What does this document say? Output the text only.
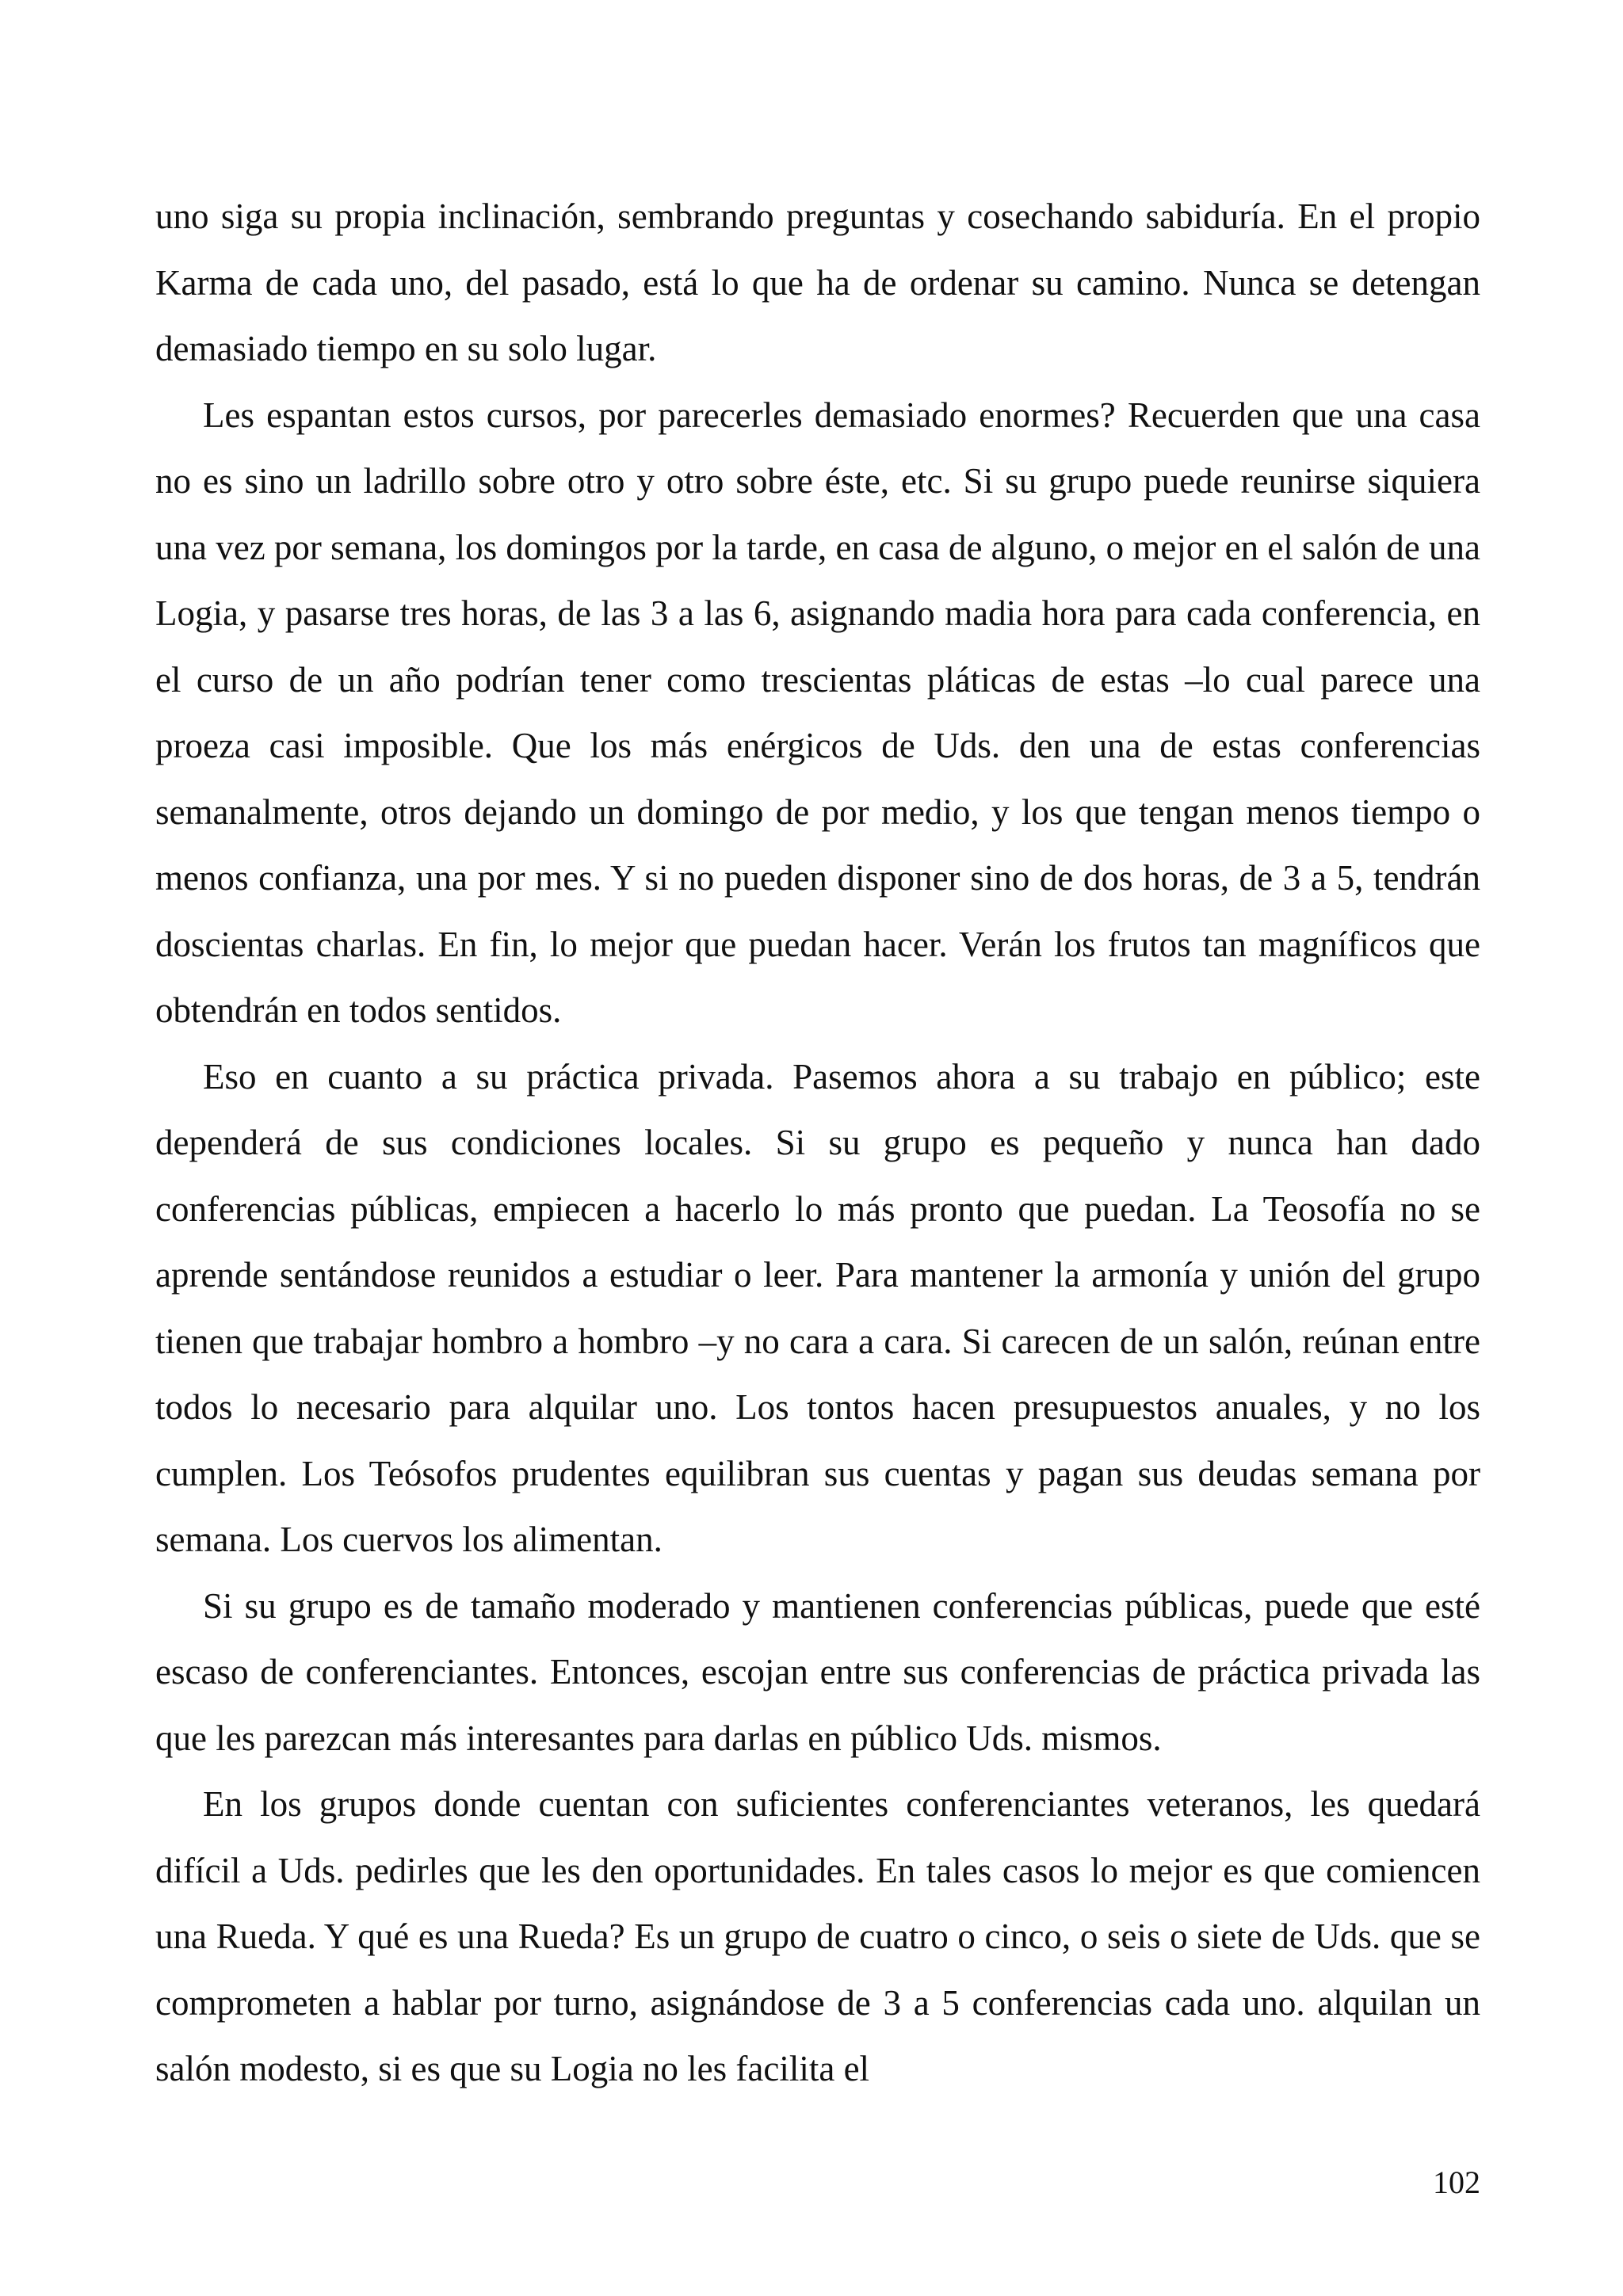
uno siga su propia inclinación, sembrando preguntas y cosechando sabiduría. En el propio Karma de cada uno, del pasado, está lo que ha de ordenar su camino. Nunca se detengan demasiado tiempo en su solo lugar.

Les espantan estos cursos, por parecerles demasiado enormes? Recuerden que una casa no es sino un ladrillo sobre otro y otro sobre éste, etc. Si su grupo puede reunirse siquiera una vez por semana, los domingos por la tarde, en casa de alguno, o mejor en el salón de una Logia, y pasarse tres horas, de las 3 a las 6, asignando madia hora para cada conferencia, en el curso de un año podrían tener como trescientas pláticas de estas –lo cual parece una proeza casi imposible. Que los más enérgicos de Uds. den una de estas conferencias semanalmente, otros dejando un domingo de por medio, y los que tengan menos tiempo o menos confianza, una por mes. Y si no pueden disponer sino de dos horas, de 3 a 5, tendrán doscientas charlas. En fin, lo mejor que puedan hacer. Verán los frutos tan magníficos que obtendrán en todos sentidos.

Eso en cuanto a su práctica privada. Pasemos ahora a su trabajo en público; este dependerá de sus condiciones locales. Si su grupo es pequeño y nunca han dado conferencias públicas, empiecen a hacerlo lo más pronto que puedan. La Teosofía no se aprende sentándose reunidos a estudiar o leer. Para mantener la armonía y unión del grupo tienen que trabajar hombro a hombro –y no cara a cara. Si carecen de un salón, reúnan entre todos lo necesario para alquilar uno. Los tontos hacen presupuestos anuales, y no los cumplen. Los Teósofos prudentes equilibran sus cuentas y pagan sus deudas semana por semana. Los cuervos los alimentan.

Si su grupo es de tamaño moderado y mantienen conferencias públicas, puede que esté escaso de conferenciantes. Entonces, escojan entre sus conferencias de práctica privada las que les parezcan más interesantes para darlas en público Uds. mismos.

En los grupos donde cuentan con suficientes conferenciantes veteranos, les quedará difícil a Uds. pedirles que les den oportunidades. En tales casos lo mejor es que comiencen una Rueda. Y qué es una Rueda? Es un grupo de cuatro o cinco, o seis o siete de Uds. que se comprometen a hablar por turno, asignándose de 3 a 5 conferencias cada uno. alquilan un salón modesto, si es que su Logia no les facilita el

102
